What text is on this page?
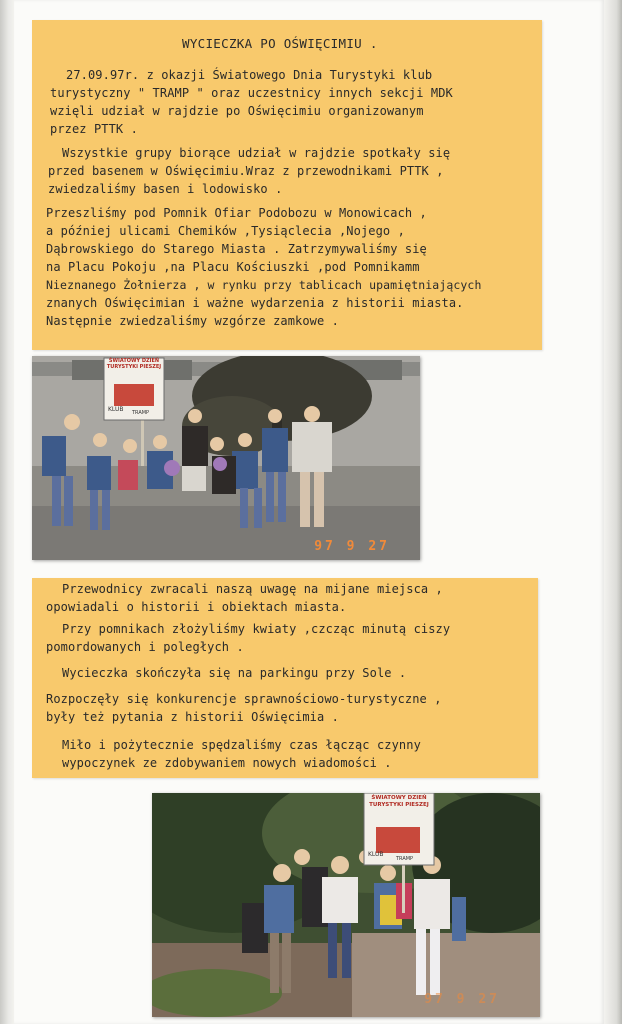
WYCIECZKA PO OŚWIĘCIMIU .
27.09.97r. z okazji Światowego Dnia Turystyki klub
turystyczny " TRAMP " oraz uczestnicy innych sekcji MDK
wzięli udział w rajdzie po Oświęcimiu organizowanym
przez PTTK .
Wszystkie grupy biorące udział w rajdzie spotkały się
przed basenem w Oświęcimiu.Wraz z przewodnikami PTTK ,
zwiedzaliśmy basen i lodowisko .
Przeszliśmy pod Pomnik Ofiar Podobozu w Monowicach ,
a później ulicami Chemików ,Tysiąclecia ,Nojego ,
Dąbrowskiego do Starego Miasta . Zatrzymywaliśmy się
na Placu Pokoju ,na Placu Kościuszki ,pod Pomnikamm
Nieznanego Żołnierza , w rynku przy tablicach upamiętniających
znanych Oświęcimian i ważne wydarzenia z historii miasta.
Następnie zwiedzaliśmy wzgórze zamkowe .
ŚWIATOWY DZIEŃ
TURYSTYKI PIESZEJ
KLUB TRAMP
97 9 27
Przewodnicy zwracali naszą uwagę na mijane miejsca ,
opowiadali o historii i obiektach miasta.
Przy pomnikach złożyliśmy kwiaty ,czcząc minutą ciszy
pomordowanych i poległych .
Wycieczka skończyła się na parkingu przy Sole .
Rozpoczęły się konkurencje sprawnościowo-turystyczne ,
były też pytania z historii Oświęcimia .
Miło i pożytecznie spędzaliśmy czas łącząc czynny
wypoczynek ze zdobywaniem nowych wiadomości .
ŚWIATOWY DZIEŃ
TURYSTYKI PIESZEJ
KLUB
TRAMP
97 9 27
